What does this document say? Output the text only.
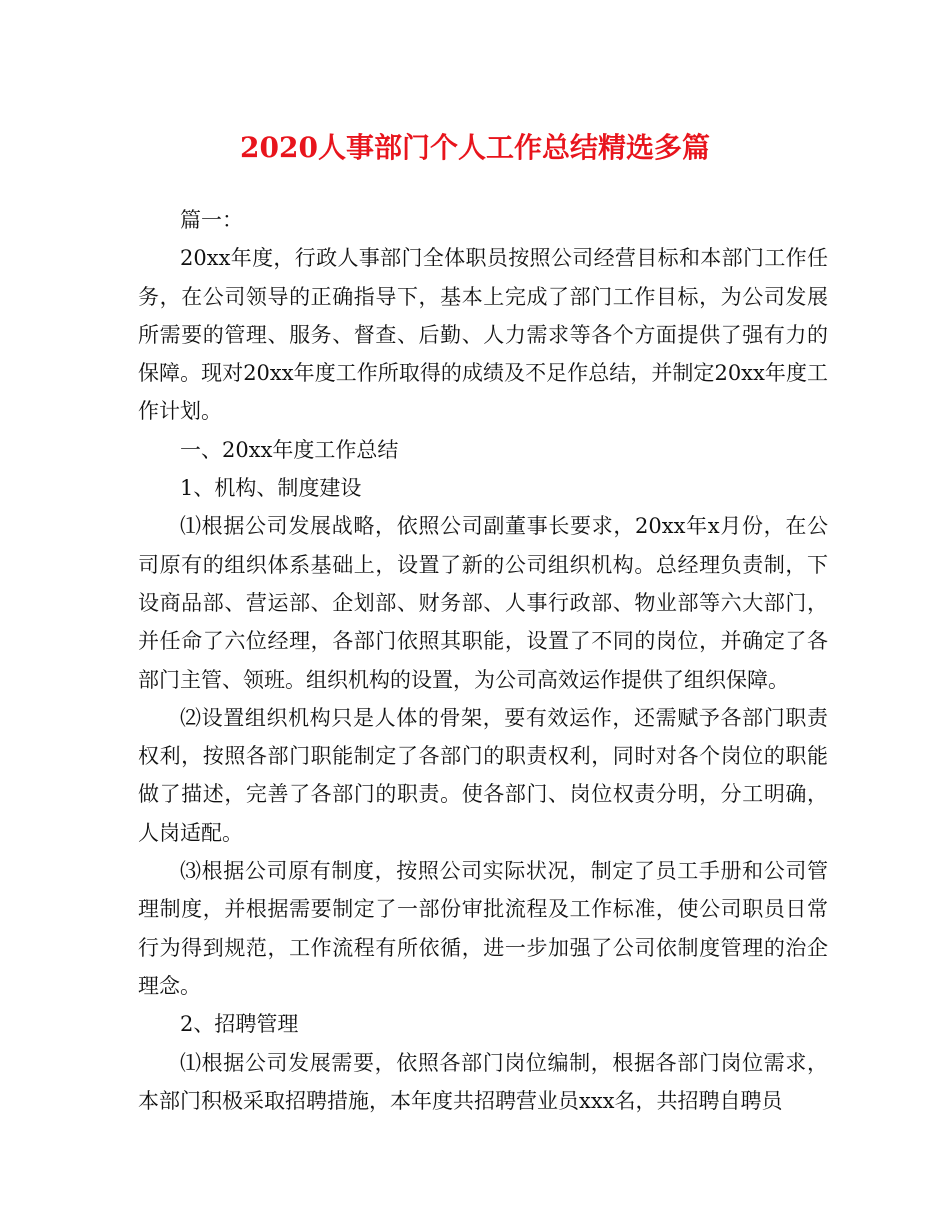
2020人事部门个人工作总结精选多篇

篇一：

20xx年度，行政人事部门全体职员按照公司经营目标和本部门工作任务，在公司领导的正确指导下，基本上完成了部门工作目标，为公司发展所需要的管理、服务、督查、后勤、人力需求等各个方面提供了强有力的保障。现对20xx年度工作所取得的成绩及不足作总结，并制定20xx年度工作计划。

一、20xx年度工作总结

1、机构、制度建设

⑴根据公司发展战略，依照公司副董事长要求，20xx年x月份，在公司原有的组织体系基础上，设置了新的公司组织机构。总经理负责制，下设商品部、营运部、企划部、财务部、人事行政部、物业部等六大部门，并任命了六位经理，各部门依照其职能，设置了不同的岗位，并确定了各部门主管、领班。组织机构的设置，为公司高效运作提供了组织保障。

⑵设置组织机构只是人体的骨架，要有效运作，还需赋予各部门职责权利，按照各部门职能制定了各部门的职责权利，同时对各个岗位的职能做了描述，完善了各部门的职责。使各部门、岗位权责分明，分工明确，人岗适配。

⑶根据公司原有制度，按照公司实际状况，制定了员工手册和公司管理制度，并根据需要制定了一部份审批流程及工作标准，使公司职员日常行为得到规范，工作流程有所依循，进一步加强了公司依制度管理的治企理念。

2、招聘管理

⑴根据公司发展需要，依照各部门岗位编制，根据各部门岗位需求，本部门积极采取招聘措施，本年度共招聘营业员xxx名，共招聘自聘员
